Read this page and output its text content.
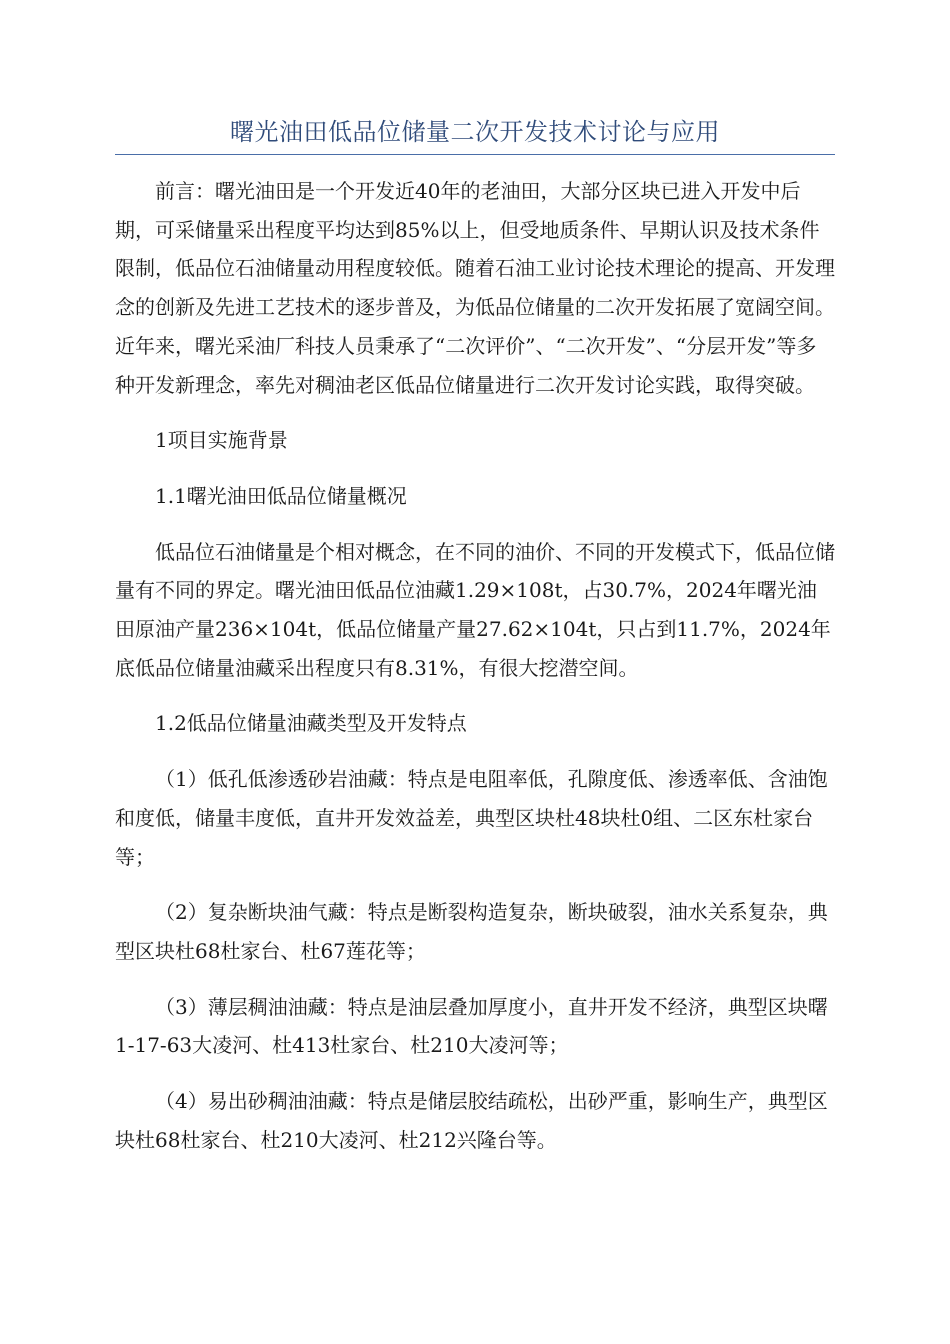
曙光油田低品位储量二次开发技术讨论与应用

前言：曙光油田是一个开发近40年的老油田，大部分区块已进入开发中后期，可采储量采出程度平均达到85%以上，但受地质条件、早期认识及技术条件限制，低品位石油储量动用程度较低。随着石油工业讨论技术理论的提高、开发理念的创新及先进工艺技术的逐步普及，为低品位储量的二次开发拓展了宽阔空间。近年来，曙光采油厂科技人员秉承了“二次评价”、“二次开发”、“分层开发”等多种开发新理念，率先对稠油老区低品位储量进行二次开发讨论实践，取得突破。

1项目实施背景

1.1曙光油田低品位储量概况

低品位石油储量是个相对概念，在不同的油价、不同的开发模式下，低品位储量有不同的界定。曙光油田低品位油藏1.29×108t，占30.7%，2024年曙光油田原油产量236×104t，低品位储量产量27.62×104t，只占到11.7%，2024年底低品位储量油藏采出程度只有8.31%，有很大挖潜空间。

1.2低品位储量油藏类型及开发特点

（1）低孔低渗透砂岩油藏：特点是电阻率低，孔隙度低、渗透率低、含油饱和度低，储量丰度低，直井开发效益差，典型区块杜48块杜0组、二区东杜家台等；

（2）复杂断块油气藏：特点是断裂构造复杂，断块破裂，油水关系复杂，典型区块杜68杜家台、杜67莲花等；

（3）薄层稠油油藏：特点是油层叠加厚度小，直井开发不经济，典型区块曙1-17-63大凌河、杜413杜家台、杜210大凌河等；

（4）易出砂稠油油藏：特点是储层胶结疏松，出砂严重，影响生产，典型区块杜68杜家台、杜210大凌河、杜212兴隆台等。
